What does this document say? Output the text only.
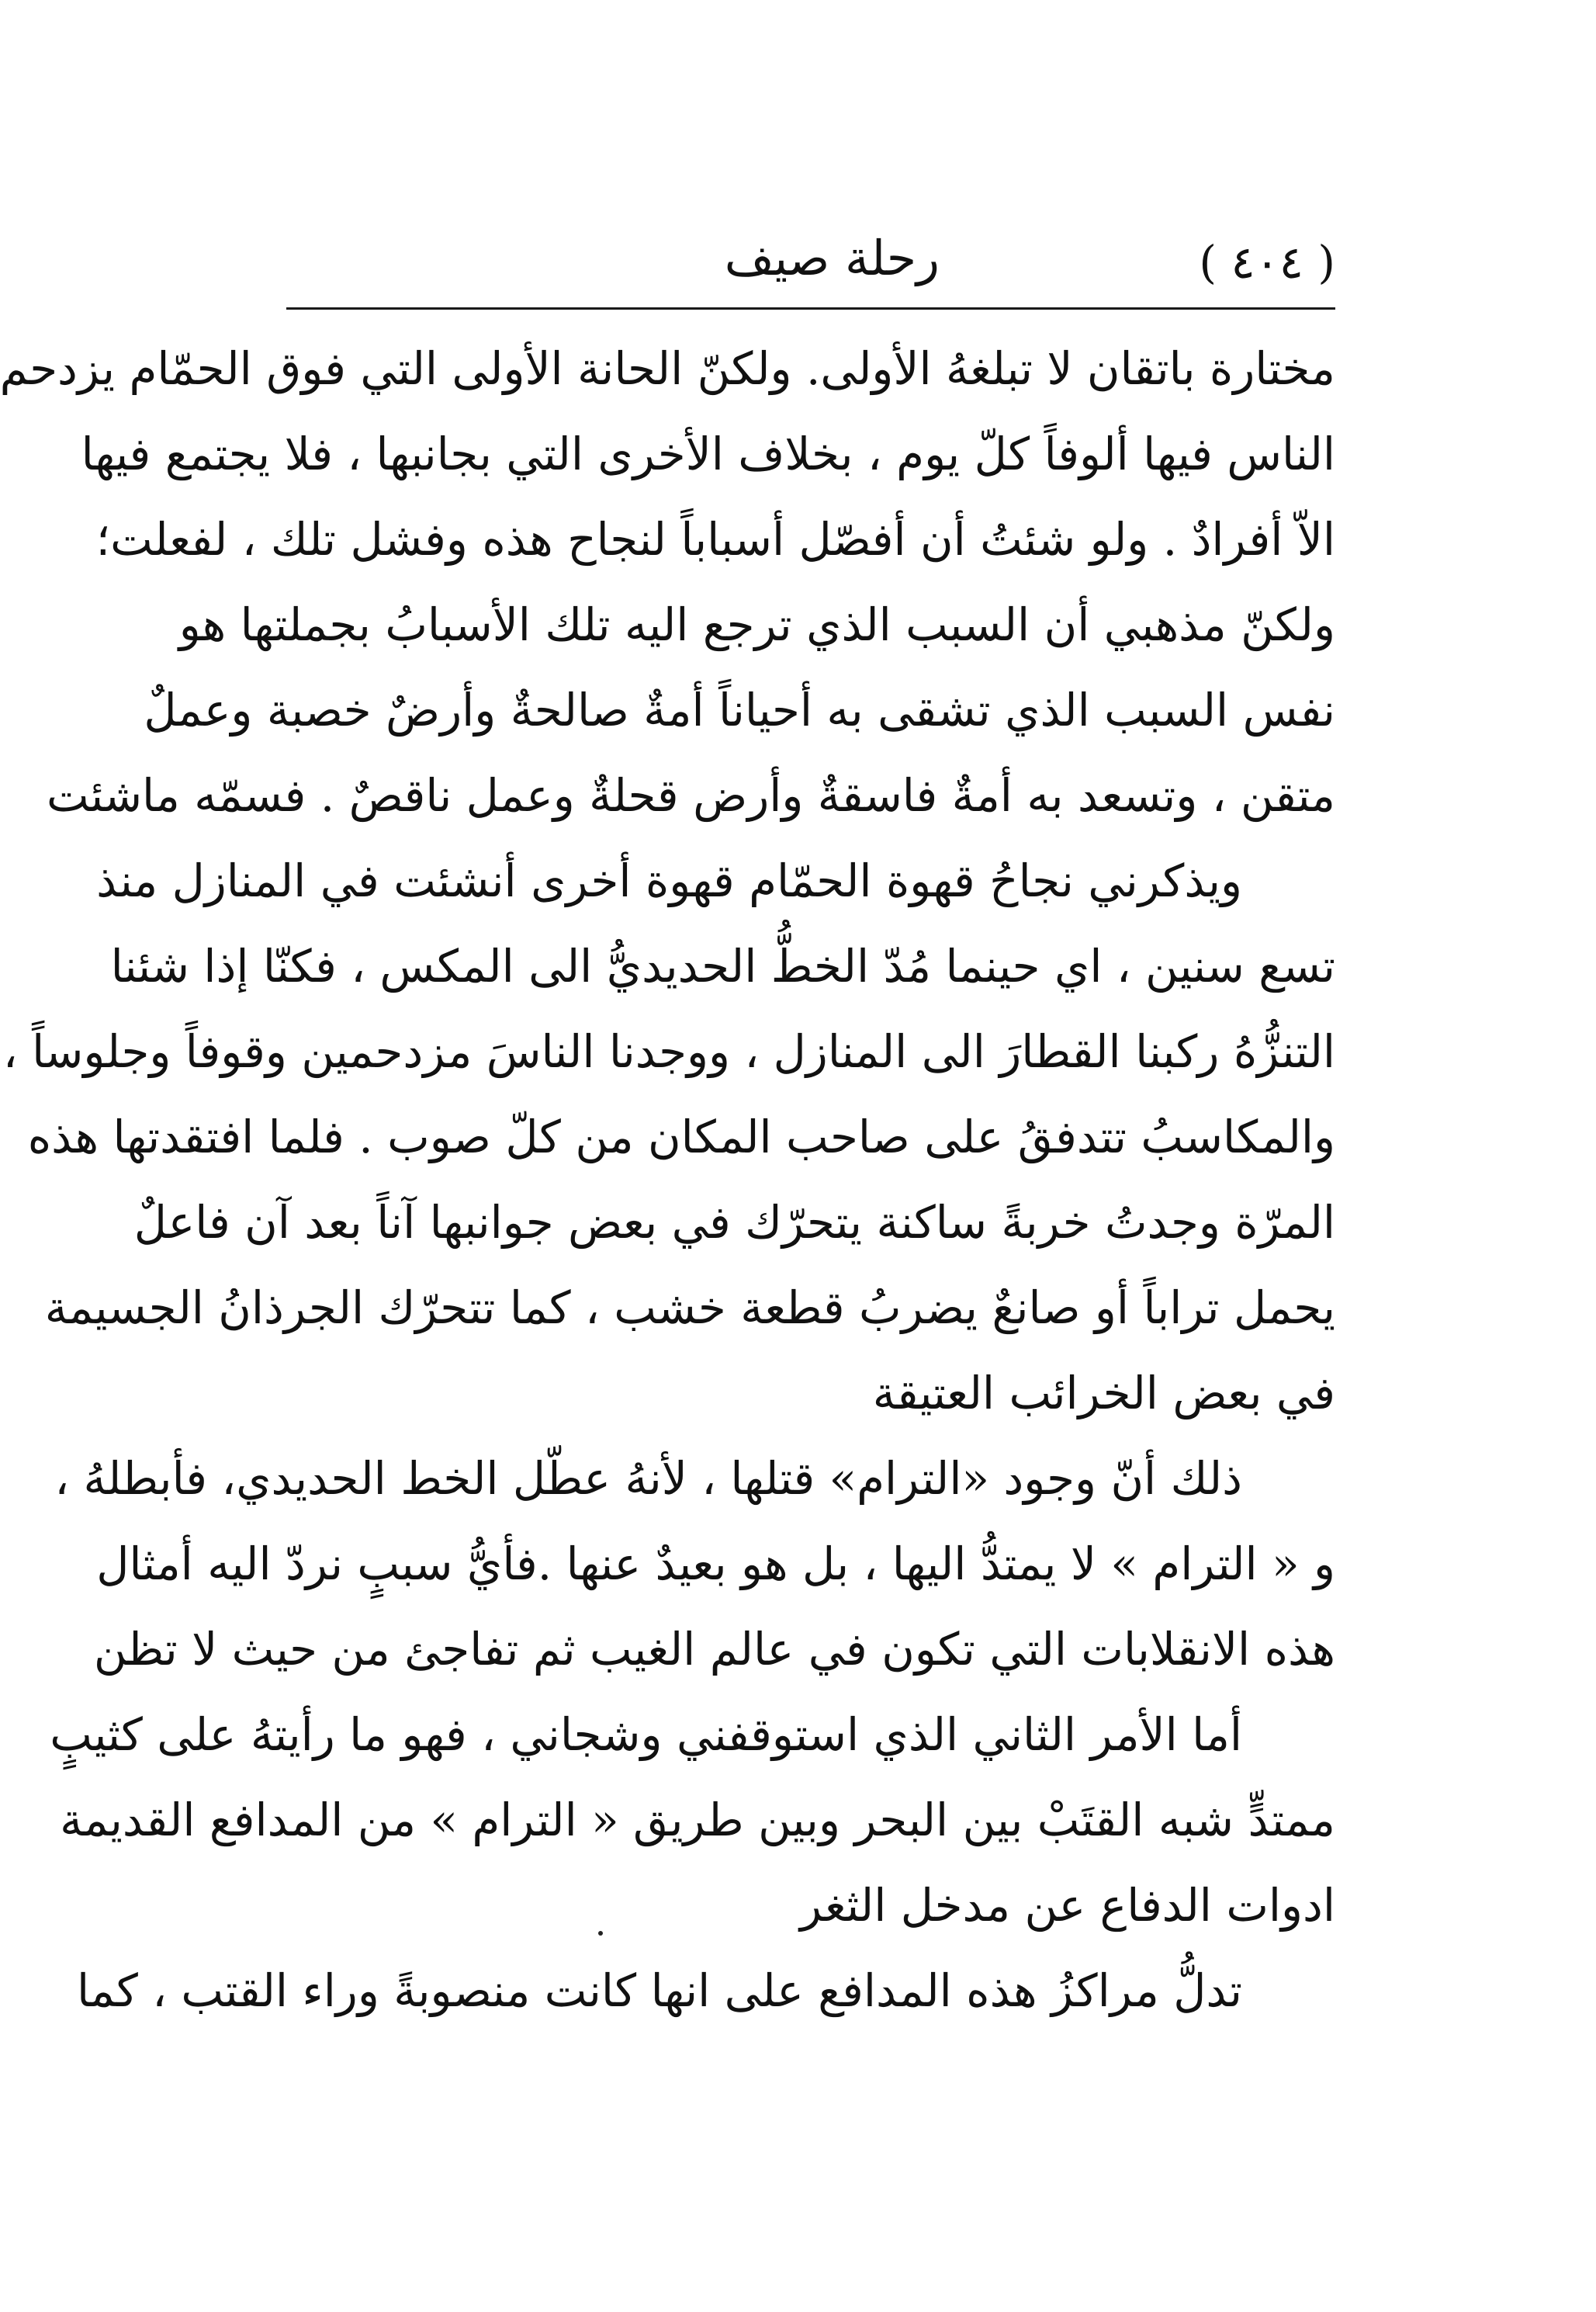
( ٤٠٤ )
رحلة صيف
مختارة باتقان لا تبلغهُ الأولى. ولكنّ الحانة الأولى التي فوق الحمّام يزدحم
الناس فيها ألوفاً كلّ يوم ، بخلاف الأخرى التي بجانبها ، فلا يجتمع فيها
الاّ أفرادٌ . ولو شئتُ أن أفصّل أسباباً لنجاح هذه وفشل تلك ، لفعلت؛
ولكنّ مذهبي أن السبب الذي ترجع اليه تلك الأسبابُ بجملتها هو
نفس السبب الذي تشقى به أحياناً أمةٌ صالحةٌ وأرضٌ خصبة وعملٌ
متقن ، وتسعد به أمةٌ فاسقةٌ وأرض قحلةٌ وعمل ناقصٌ . فسمّه ماشئت
ويذكرني نجاحُ قهوة الحمّام قهوة أخرى أنشئت في المنازل منذ
تسع سنين ، اي حينما مُدّ الخطُّ الحديديُّ الى المكس ، فكنّا إذا شئنا
التنزُّهُ ركبنا القطارَ الى المنازل ، ووجدنا الناسَ مزدحمين وقوفاً وجلوساً ،
والمكاسبُ تتدفقُ على صاحب المكان من كلّ صوب . فلما افتقدتها هذه
المرّة وجدتُ خربةً ساكنة يتحرّك في بعض جوانبها آناً بعد آن فاعلٌ
يحمل تراباً أو صانعٌ يضربُ قطعة خشب ، كما تتحرّك الجرذانُ الجسيمة
في بعض الخرائب العتيقة
ذلك أنّ وجود «الترام» قتلها ، لأنهُ عطّل الخط الحديدي، فأبطلهُ ،
و « الترام » لا يمتدُّ اليها ، بل هو بعيدٌ عنها .فأيُّ سببٍ نردّ اليه أمثال
هذه الانقلابات التي تكون في عالم الغيب ثم تفاجئ من حيث لا تظن
أما الأمر الثاني الذي استوقفني وشجاني ، فهو ما رأيتهُ على كثيبٍ
ممتدٍّ شبه القتَبْ بين البحر وبين طريق « الترام » من المدافع القديمة
ادوات الدفاع عن مدخل الثغر
تدلُّ مراكزُ هذه المدافع على انها كانت منصوبةً وراء القتب ، كما
